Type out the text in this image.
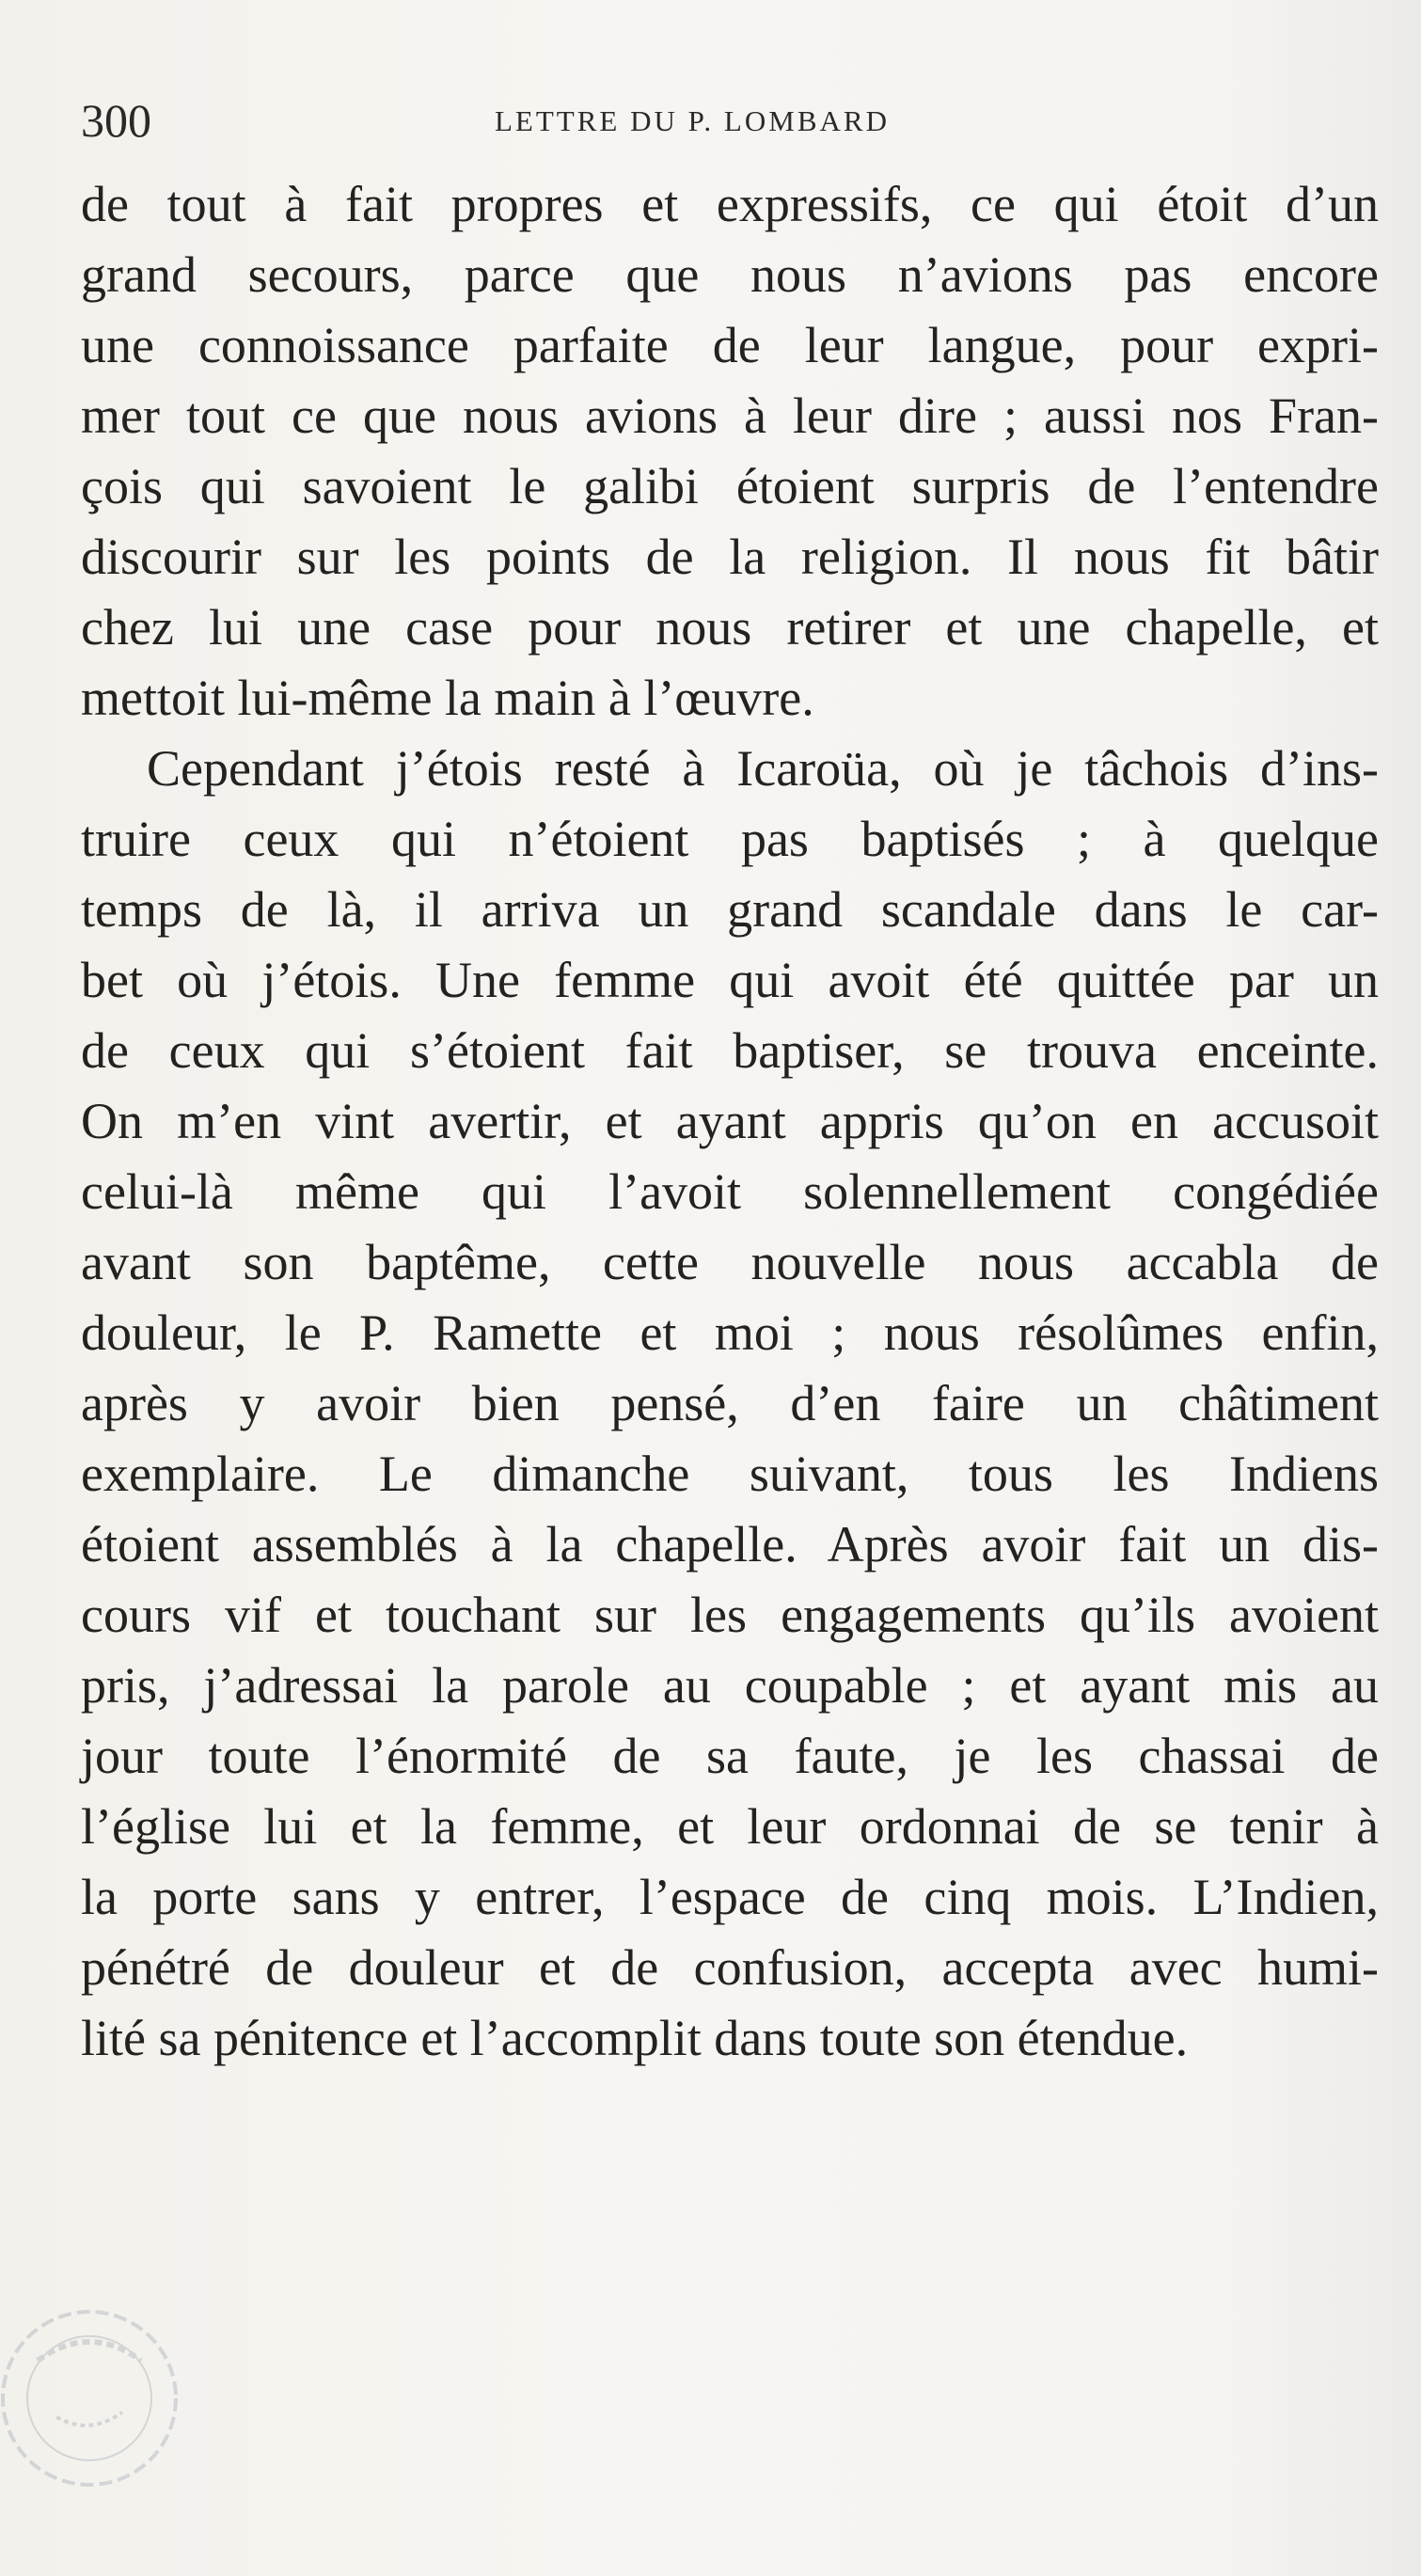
300	LETTRE DU P. LOMBARD

de tout à fait propres et expressifs, ce qui étoit d’un
grand secours, parce que nous n’avions pas encore
une connoissance parfaite de leur langue, pour expri-
mer tout ce que nous avions à leur dire ; aussi nos Fran-
çois qui savoient le galibi étoient surpris de l’entendre
discourir sur les points de la religion. Il nous fit bâtir
chez lui une case pour nous retirer et une chapelle, et
mettoit lui-même la main à l’œuvre.

Cependant j’étois resté à Icaroüa, où je tâchois d’ins-
truire ceux qui n’étoient pas baptisés ; à quelque
temps de là, il arriva un grand scandale dans le car-
bet où j’étois. Une femme qui avoit été quittée par un
de ceux qui s’étoient fait baptiser, se trouva enceinte.
On m’en vint avertir, et ayant appris qu’on en accusoit
celui-là même qui l’avoit solennellement congédiée
avant son baptême, cette nouvelle nous accabla de
douleur, le P. Ramette et moi ; nous résolûmes enfin,
après y avoir bien pensé, d’en faire un châtiment
exemplaire. Le dimanche suivant, tous les Indiens
étoient assemblés à la chapelle. Après avoir fait un dis-
cours vif et touchant sur les engagements qu’ils avoient
pris, j’adressai la parole au coupable ; et ayant mis au
jour toute l’énormité de sa faute, je les chassai de
l’église lui et la femme, et leur ordonnai de se tenir à
la porte sans y entrer, l’espace de cinq mois. L’Indien,
pénétré de douleur et de confusion, accepta avec humi-
lité sa pénitence et l’accomplit dans toute son étendue.
